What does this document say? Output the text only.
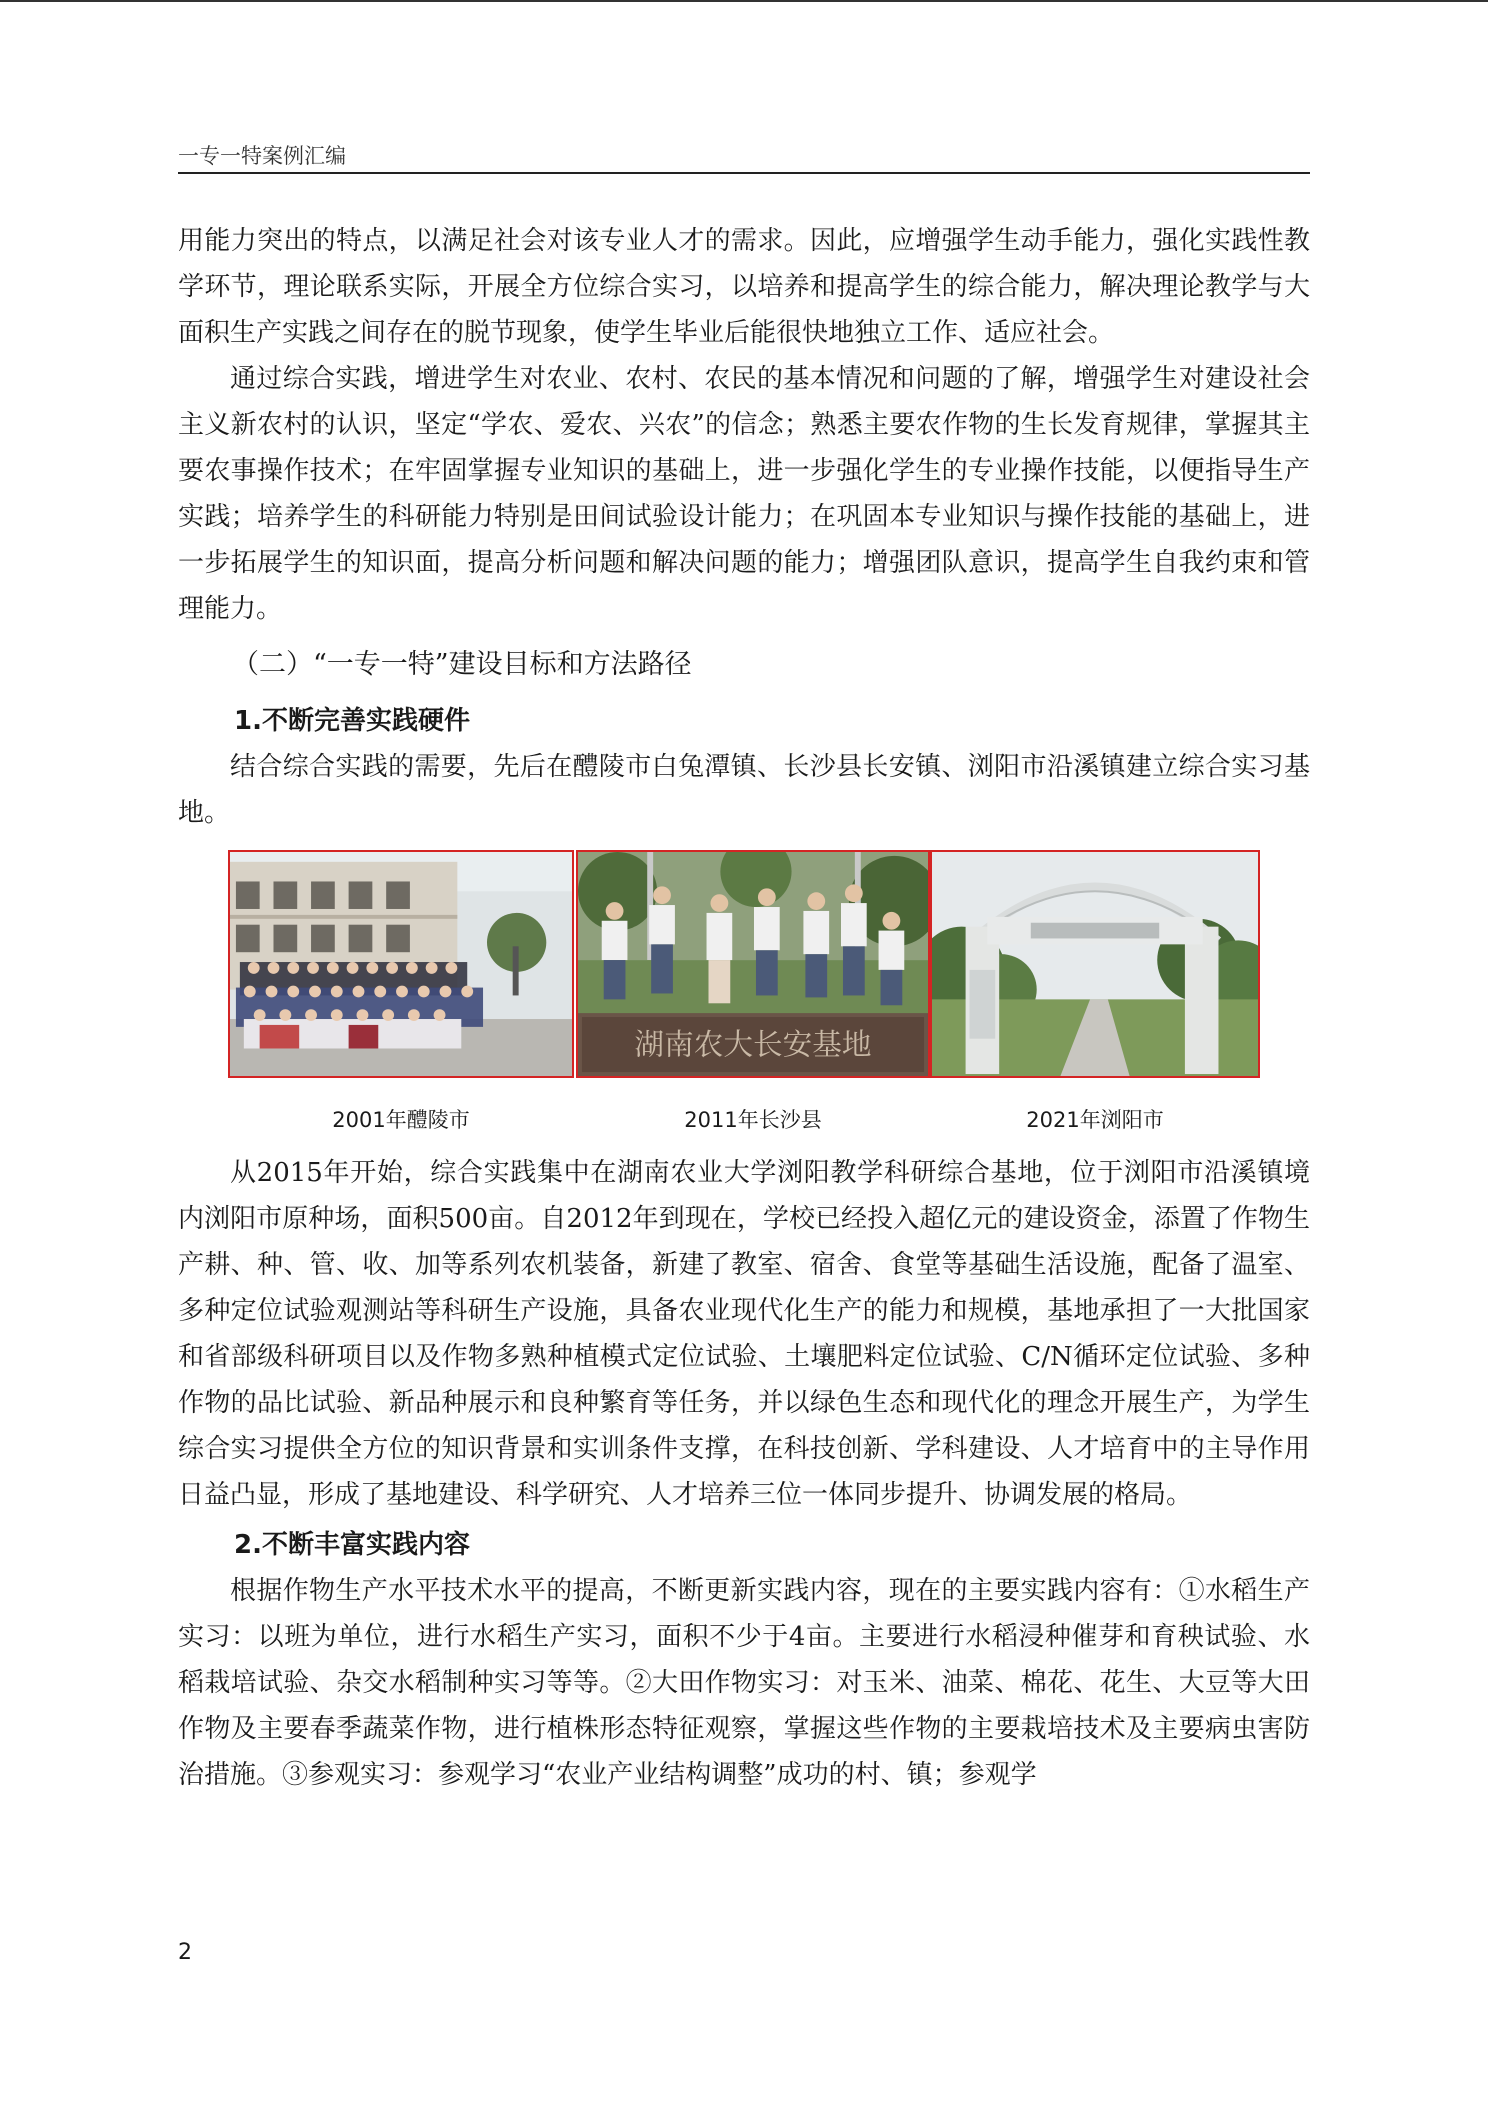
一专一特案例汇编

用能力突出的特点，以满足社会对该专业人才的需求。因此，应增强学生动手能力，强化实践性教学环节，理论联系实际，开展全方位综合实习，以培养和提高学生的综合能力，解决理论教学与大面积生产实践之间存在的脱节现象，使学生毕业后能很快地独立工作、适应社会。

通过综合实践，增进学生对农业、农村、农民的基本情况和问题的了解，增强学生对建设社会主义新农村的认识，坚定“学农、爱农、兴农”的信念；熟悉主要农作物的生长发育规律，掌握其主要农事操作技术；在牢固掌握专业知识的基础上，进一步强化学生的专业操作技能，以便指导生产实践；培养学生的科研能力特别是田间试验设计能力；在巩固本专业知识与操作技能的基础上，进一步拓展学生的知识面，提高分析问题和解决问题的能力；增强团队意识，提高学生自我约束和管理能力。

（二）“一专一特”建设目标和方法路径
1.不断完善实践硬件

结合综合实践的需要，先后在醴陵市白兔潭镇、长沙县长安镇、浏阳市沿溪镇建立综合实习基地。

湖南农大长安基地
2001年醴陵市	2011年长沙县	2021年浏阳市

从2015年开始，综合实践集中在湖南农业大学浏阳教学科研综合基地，位于浏阳市沿溪镇境内浏阳市原种场，面积500亩。自2012年到现在，学校已经投入超亿元的建设资金，添置了作物生产耕、种、管、收、加等系列农机装备，新建了教室、宿舍、食堂等基础生活设施，配备了温室、多种定位试验观测站等科研生产设施，具备农业现代化生产的能力和规模，基地承担了一大批国家和省部级科研项目以及作物多熟种植模式定位试验、土壤肥料定位试验、C/N循环定位试验、多种作物的品比试验、新品种展示和良种繁育等任务，并以绿色生态和现代化的理念开展生产，为学生综合实习提供全方位的知识背景和实训条件支撑，在科技创新、学科建设、人才培育中的主导作用日益凸显，形成了基地建设、科学研究、人才培养三位一体同步提升、协调发展的格局。

2.不断丰富实践内容

根据作物生产水平技术水平的提高，不断更新实践内容，现在的主要实践内容有：①水稻生产实习：以班为单位，进行水稻生产实习，面积不少于4亩。主要进行水稻浸种催芽和育秧试验、水稻栽培试验、杂交水稻制种实习等等。②大田作物实习：对玉米、油菜、棉花、花生、大豆等大田作物及主要春季蔬菜作物，进行植株形态特征观察，掌握这些作物的主要栽培技术及主要病虫害防治措施。③参观实习：参观学习“农业产业结构调整”成功的村、镇；参观学

2
